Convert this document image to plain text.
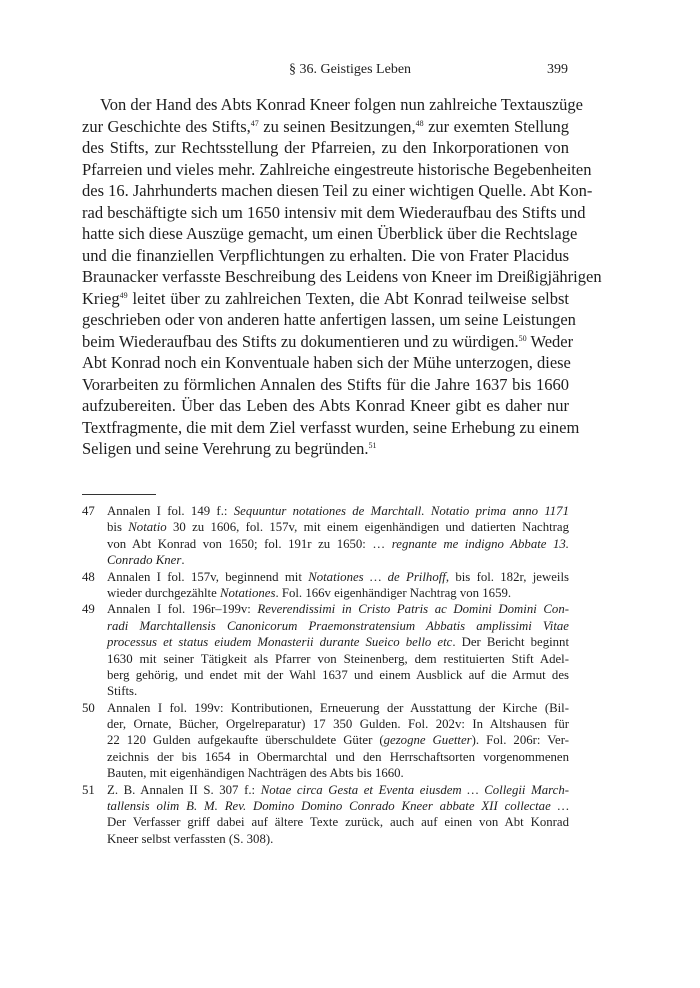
§ 36. Geistiges Leben	399
Von der Hand des Abts Konrad Kneer folgen nun zahlreiche Textauszüge
zur Geschichte des Stifts,$^{47}$ zu seinen Besitzungen,$^{48}$ zur exemten Stellung
des Stifts, zur Rechtsstellung der Pfarreien, zu den Inkorporationen von
Pfarreien und vieles mehr. Zahlreiche eingestreute historische Begebenheiten
des 16. Jahrhunderts machen diesen Teil zu einer wichtigen Quelle. Abt Kon-
rad beschäftigte sich um 1650 intensiv mit dem Wiederaufbau des Stifts und
hatte sich diese Auszüge gemacht, um einen Überblick über die Rechtslage
und die finanziellen Verpflichtungen zu erhalten. Die von Frater Placidus
Braunacker verfasste Beschreibung des Leidens von Kneer im Dreißigjährigen
Krieg$^{49}$ leitet über zu zahlreichen Texten, die Abt Konrad teilweise selbst
geschrieben oder von anderen hatte anfertigen lassen, um seine Leistungen
beim Wiederaufbau des Stifts zu dokumentieren und zu würdigen.$^{50}$ Weder
Abt Konrad noch ein Konventuale haben sich der Mühe unterzogen, diese
Vorarbeiten zu förmlichen Annalen des Stifts für die Jahre 1637 bis 1660
aufzubereiten. Über das Leben des Abts Konrad Kneer gibt es daher nur
Textfragmente, die mit dem Ziel verfasst wurden, seine Erhebung zu einem
Seligen und seine Verehrung zu begründen.$^{51}$
47 Annalen I fol. 149 f.: Sequuntur notationes de Marchtall. Notatio prima anno 1171
bis Notatio 30 zu 1606, fol. 157v, mit einem eigenhändigen und datierten Nachtrag
von Abt Konrad von 1650; fol. 191r zu 1650: … regnante me indigno Abbate 13.
Conrado Kner.
48 Annalen I fol. 157v, beginnend mit Notationes … de Prilhoff, bis fol. 182r, jeweils
wieder durchgezählte Notationes. Fol. 166v eigenhändiger Nachtrag von 1659.
49 Annalen I fol. 196r–199v: Reverendissimi in Cristo Patris ac Domini Domini Con-
radi Marchtallensis Canonicorum Praemonstratensium Abbatis amplissimi Vitae
processus et status eiudem Monasterii durante Sueico bello etc. Der Bericht beginnt
1630 mit seiner Tätigkeit als Pfarrer von Steinenberg, dem restituierten Stift Adel-
berg gehörig, und endet mit der Wahl 1637 und einem Ausblick auf die Armut des
Stifts.
50 Annalen I fol. 199v: Kontributionen, Erneuerung der Ausstattung der Kirche (Bil-
der, Ornate, Bücher, Orgelreparatur) 17 350 Gulden. Fol. 202v: In Altshausen für
22 120 Gulden aufgekaufte überschuldete Güter (gezogne Guetter). Fol. 206r: Ver-
zeichnis der bis 1654 in Obermarchtal und den Herrschaftsorten vorgenommenen
Bauten, mit eigenhändigen Nachträgen des Abts bis 1660.
51 Z. B. Annalen II S. 307 f.: Notae circa Gesta et Eventa eiusdem … Collegii March-
tallensis olim B. M. Rev. Domino Domino Conrado Kneer abbate XII collectae …
Der Verfasser griff dabei auf ältere Texte zurück, auch auf einen von Abt Konrad
Kneer selbst verfassten (S. 308).
